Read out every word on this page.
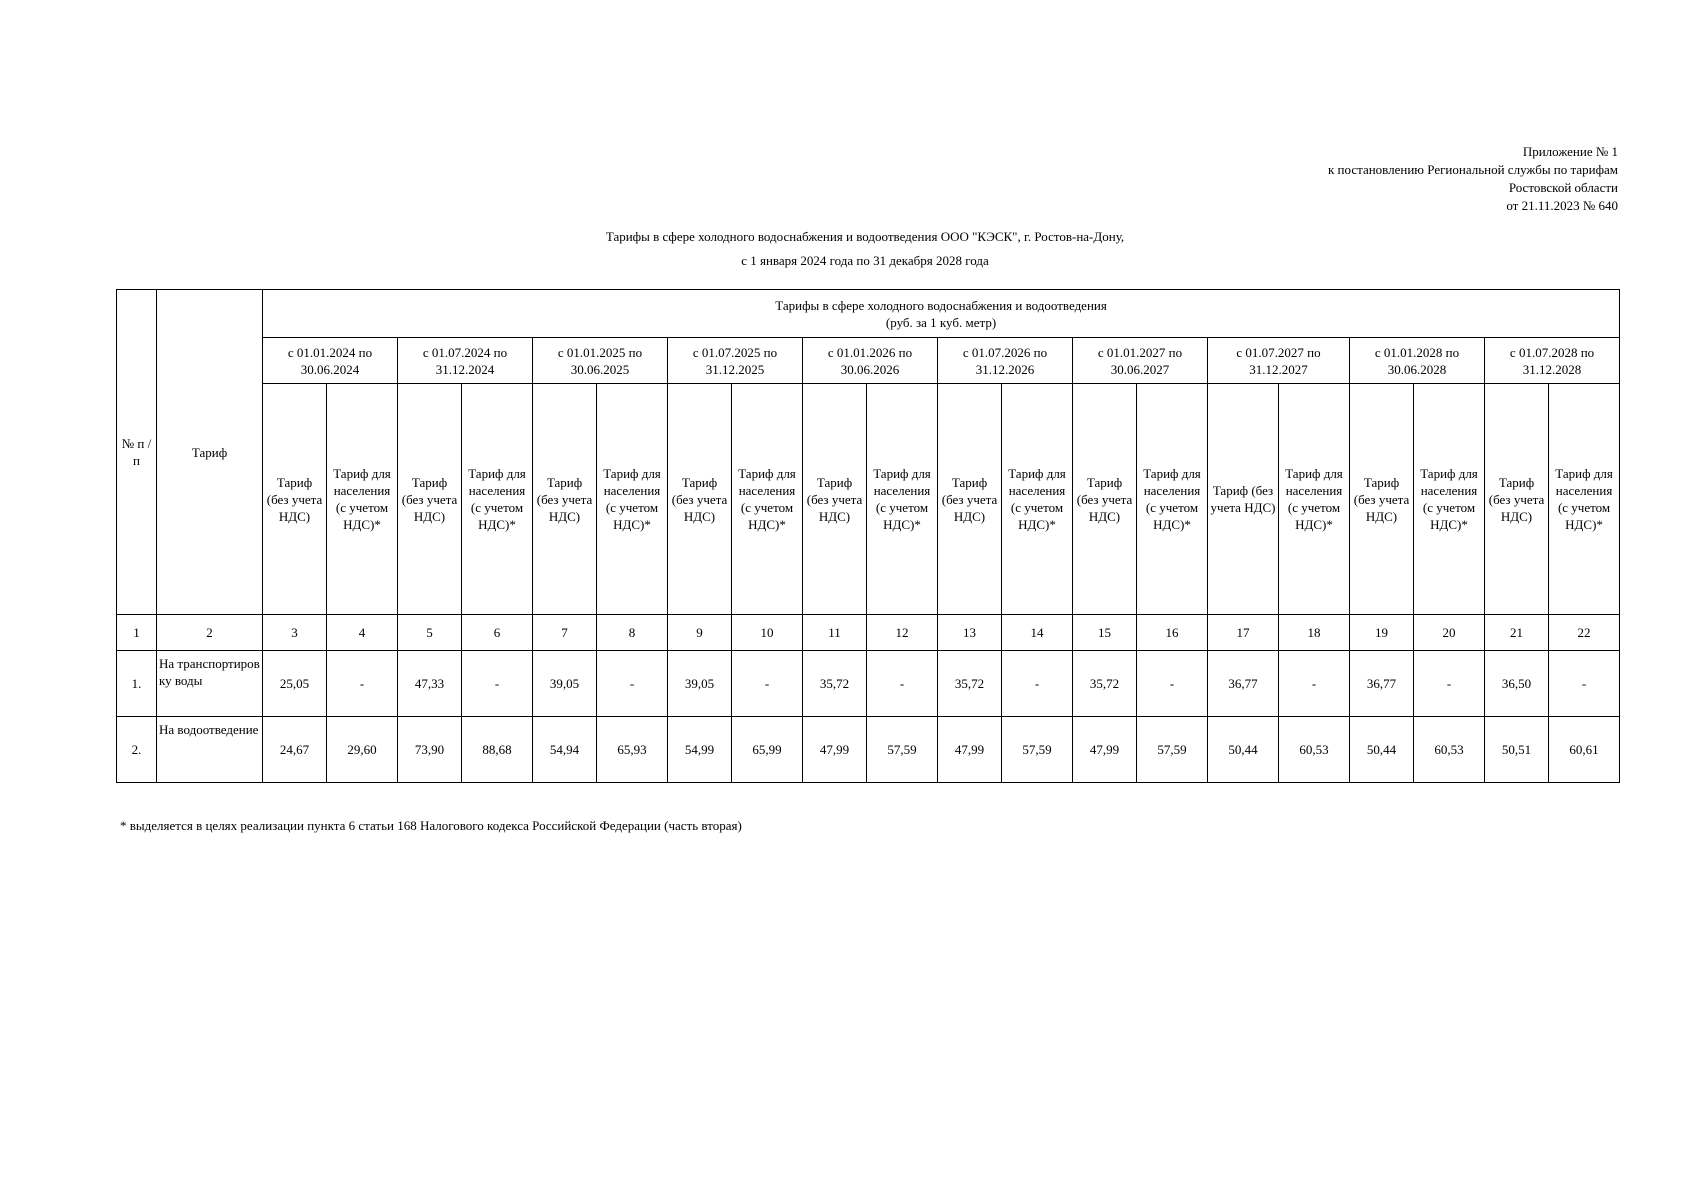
Приложение № 1
к постановлению Региональной службы по тарифам
Ростовской области
от 21.11.2023 № 640
Тарифы в сфере холодного водоснабжения и водоотведения ООО "КЭСК", г. Ростов-на-Дону,
с 1 января 2024 года по 31 декабря 2028 года
№ п /п	Тариф	Тарифы в сфере холодного водоснабжения и водоотведения
(руб. за 1 куб. метр)																			

		с 01.01.2024 по 30.06.2024		с 01.07.2024 по 31.12.2024		с 01.01.2025 по 30.06.2025		с 01.07.2025 по 31.12.2025		с 01.01.2026 по 30.06.2026		с 01.07.2026 по 31.12.2026		с 01.01.2027 по 30.06.2027		с 01.07.2027 по 31.12.2027		с 01.01.2028 по 30.06.2028		с 01.07.2028 по 31.12.2028	
		Тариф (без учета НДС)	Тариф для населения (с учетом НДС)*	Тариф (без учета НДС)	Тариф для населения (с учетом НДС)*	Тариф (без учета НДС)	Тариф для населения (с учетом НДС)*	Тариф (без учета НДС)	Тариф для населения (с учетом НДС)*	Тариф (без учета НДС)	Тариф для населения (с учетом НДС)*	Тариф (без учета НДС)	Тариф для населения (с учетом НДС)*	Тариф (без учета НДС)	Тариф для населения (с учетом НДС)*	Тариф (без учета НДС)	Тариф для населения (с учетом НДС)*	Тариф (без учета НДС)	Тариф для населения (с учетом НДС)*	Тариф (без учета НДС)	Тариф для населения (с учетом НДС)*
1	2	3	4	5	6	7	8	9	10	11	12	13	14	15	16	17	18	19	20	21	22
1.	На транспортировку воды	25,05	-	47,33	-	39,05	-	39,05	-	35,72	-	35,72	-	35,72	-	36,77	-	36,77	-	36,50	-
2.	На водоотведение	24,67	29,60	73,90	88,68	54,94	65,93	54,99	65,99	47,99	57,59	47,99	57,59	47,99	57,59	50,44	60,53	50,44	60,53	50,51	60,61
* выделяется в целях реализации пункта 6 статьи 168 Налогового кодекса Российской Федерации (часть вторая)
